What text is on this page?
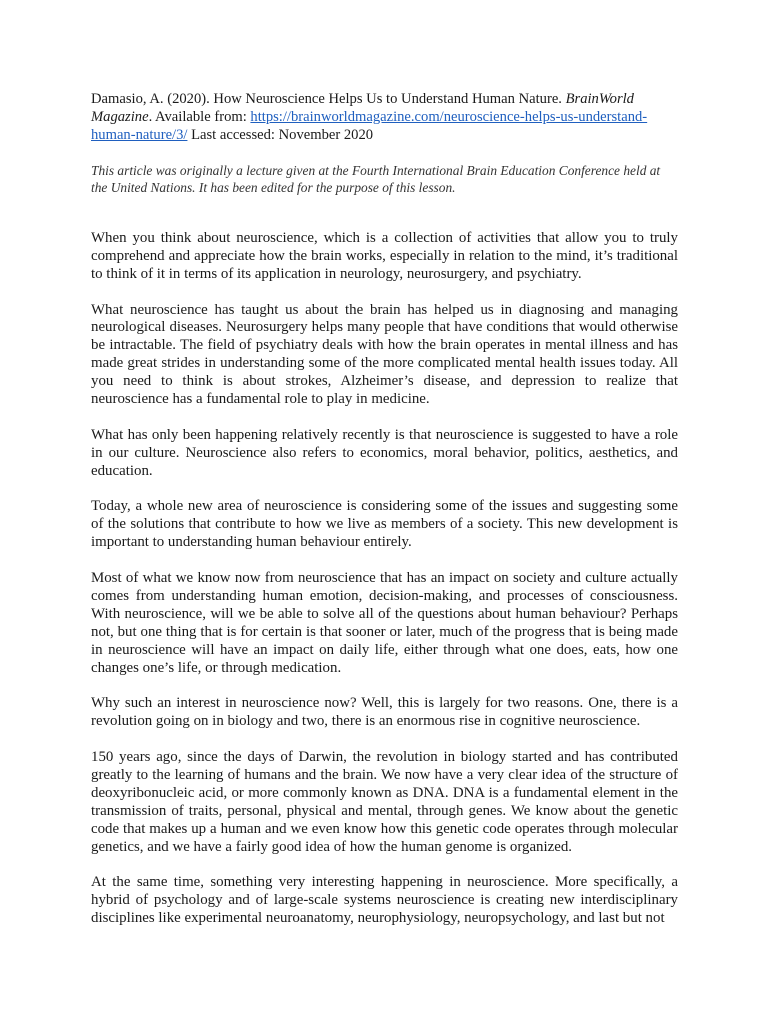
Damasio, A. (2020). How Neuroscience Helps Us to Understand Human Nature. BrainWorld Magazine. Available from: https://brainworldmagazine.com/neuroscience-helps-us-understand-human-nature/3/ Last accessed: November 2020

This article was originally a lecture given at the Fourth International Brain Education Conference held at the United Nations. It has been edited for the purpose of this lesson.

When you think about neuroscience, which is a collection of activities that allow you to truly comprehend and appreciate how the brain works, especially in relation to the mind, it’s traditional to think of it in terms of its application in neurology, neurosurgery, and psychiatry.

What neuroscience has taught us about the brain has helped us in diagnosing and managing neurological diseases. Neurosurgery helps many people that have conditions that would otherwise be intractable. The field of psychiatry deals with how the brain operates in mental illness and has made great strides in understanding some of the more complicated mental health issues today. All you need to think is about strokes, Alzheimer’s disease, and depression to realize that neuroscience has a fundamental role to play in medicine.

What has only been happening relatively recently is that neuroscience is suggested to have a role in our culture. Neuroscience also refers to economics, moral behavior, politics, aesthetics, and education.

Today, a whole new area of neuroscience is considering some of the issues and suggesting some of the solutions that contribute to how we live as members of a society. This new development is important to understanding human behaviour entirely.

Most of what we know now from neuroscience that has an impact on society and culture actually comes from understanding human emotion, decision-making, and processes of consciousness. With neuroscience, will we be able to solve all of the questions about human behaviour? Perhaps not, but one thing that is for certain is that sooner or later, much of the progress that is being made in neuroscience will have an impact on daily life, either through what one does, eats, how one changes one’s life, or through medication.

Why such an interest in neuroscience now? Well, this is largely for two reasons. One, there is a revolution going on in biology and two, there is an enormous rise in cognitive neuroscience.

150 years ago, since the days of Darwin, the revolution in biology started and has contributed greatly to the learning of humans and the brain. We now have a very clear idea of the structure of deoxyribonucleic acid, or more commonly known as DNA. DNA is a fundamental element in the transmission of traits, personal, physical and mental, through genes. We know about the genetic code that makes up a human and we even know how this genetic code operates through molecular genetics, and we have a fairly good idea of how the human genome is organized.

At the same time, something very interesting happening in neuroscience. More specifically, a hybrid of psychology and of large-scale systems neuroscience is creating new interdisciplinary disciplines like experimental neuroanatomy, neurophysiology, neuropsychology, and last but not
